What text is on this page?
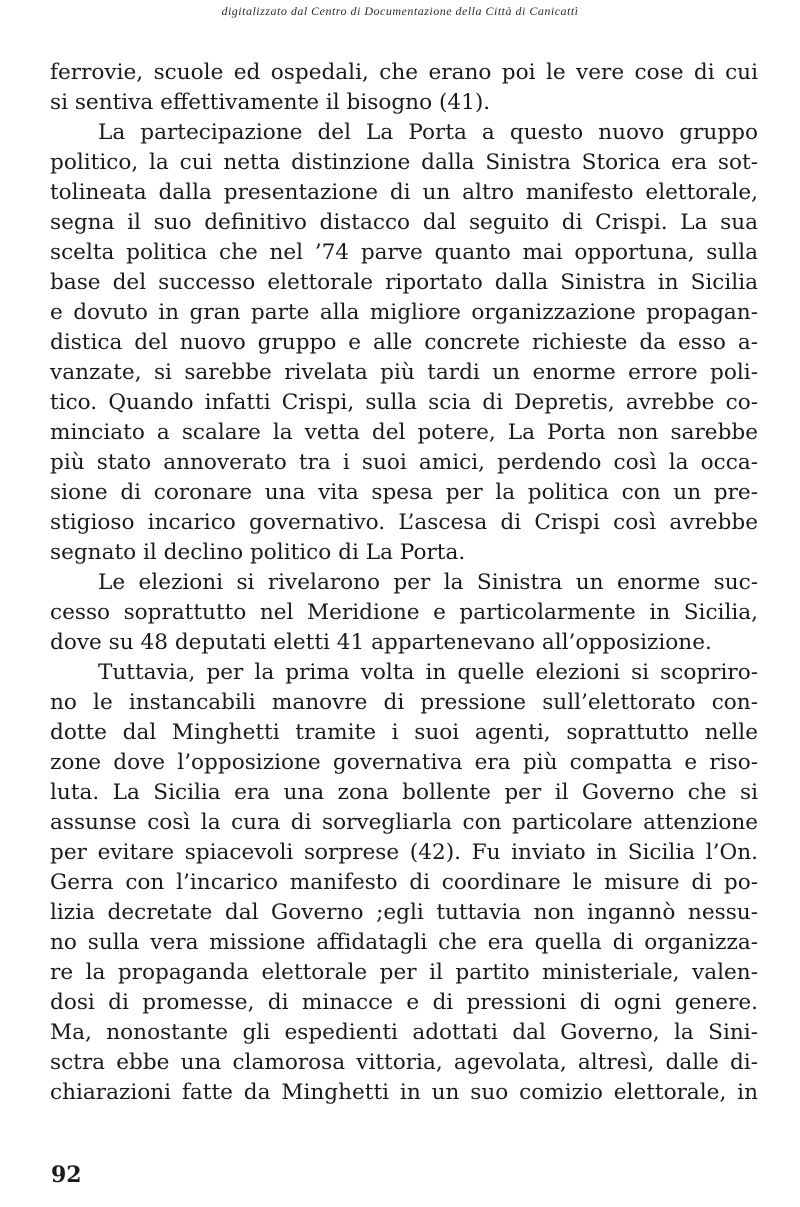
digitalizzato dal Centro di Documentazione della Città di Canicattì
ferrovie, scuole ed ospedali, che erano poi le vere cose di cui
si sentiva effettivamente il bisogno (41).
La partecipazione del La Porta a questo nuovo gruppo
politico, la cui netta distinzione dalla Sinistra Storica era sot-
tolineata dalla presentazione di un altro manifesto elettorale,
segna il suo definitivo distacco dal seguito di Crispi. La sua
scelta politica che nel ’74 parve quanto mai opportuna, sulla
base del successo elettorale riportato dalla Sinistra in Sicilia
e dovuto in gran parte alla migliore organizzazione propagan-
distica del nuovo gruppo e alle concrete richieste da esso a-
vanzate, si sarebbe rivelata più tardi un enorme errore poli-
tico. Quando infatti Crispi, sulla scia di Depretis, avrebbe co-
minciato a scalare la vetta del potere, La Porta non sarebbe
più stato annoverato tra i suoi amici, perdendo così la occa-
sione di coronare una vita spesa per la politica con un pre-
stigioso incarico governativo. L’ascesa di Crispi così avrebbe
segnato il declino politico di La Porta.
Le elezioni si rivelarono per la Sinistra un enorme suc-
cesso soprattutto nel Meridione e particolarmente in Sicilia,
dove su 48 deputati eletti 41 appartenevano all’opposizione.
Tuttavia, per la prima volta in quelle elezioni si scopriro-
no le instancabili manovre di pressione sull’elettorato con-
dotte dal Minghetti tramite i suoi agenti, soprattutto nelle
zone dove l’opposizione governativa era più compatta e riso-
luta. La Sicilia era una zona bollente per il Governo che si
assunse così la cura di sorvegliarla con particolare attenzione
per evitare spiacevoli sorprese (42). Fu inviato in Sicilia l’On.
Gerra con l’incarico manifesto di coordinare le misure di po-
lizia decretate dal Governo ;egli tuttavia non ingannò nessu-
no sulla vera missione affidatagli che era quella di organizza-
re la propaganda elettorale per il partito ministeriale, valen-
dosi di promesse, di minacce e di pressioni di ogni genere.
Ma, nonostante gli espedienti adottati dal Governo, la Sini-
sctra ebbe una clamorosa vittoria, agevolata, altresì, dalle di-
chiarazioni fatte da Minghetti in un suo comizio elettorale, in
92
